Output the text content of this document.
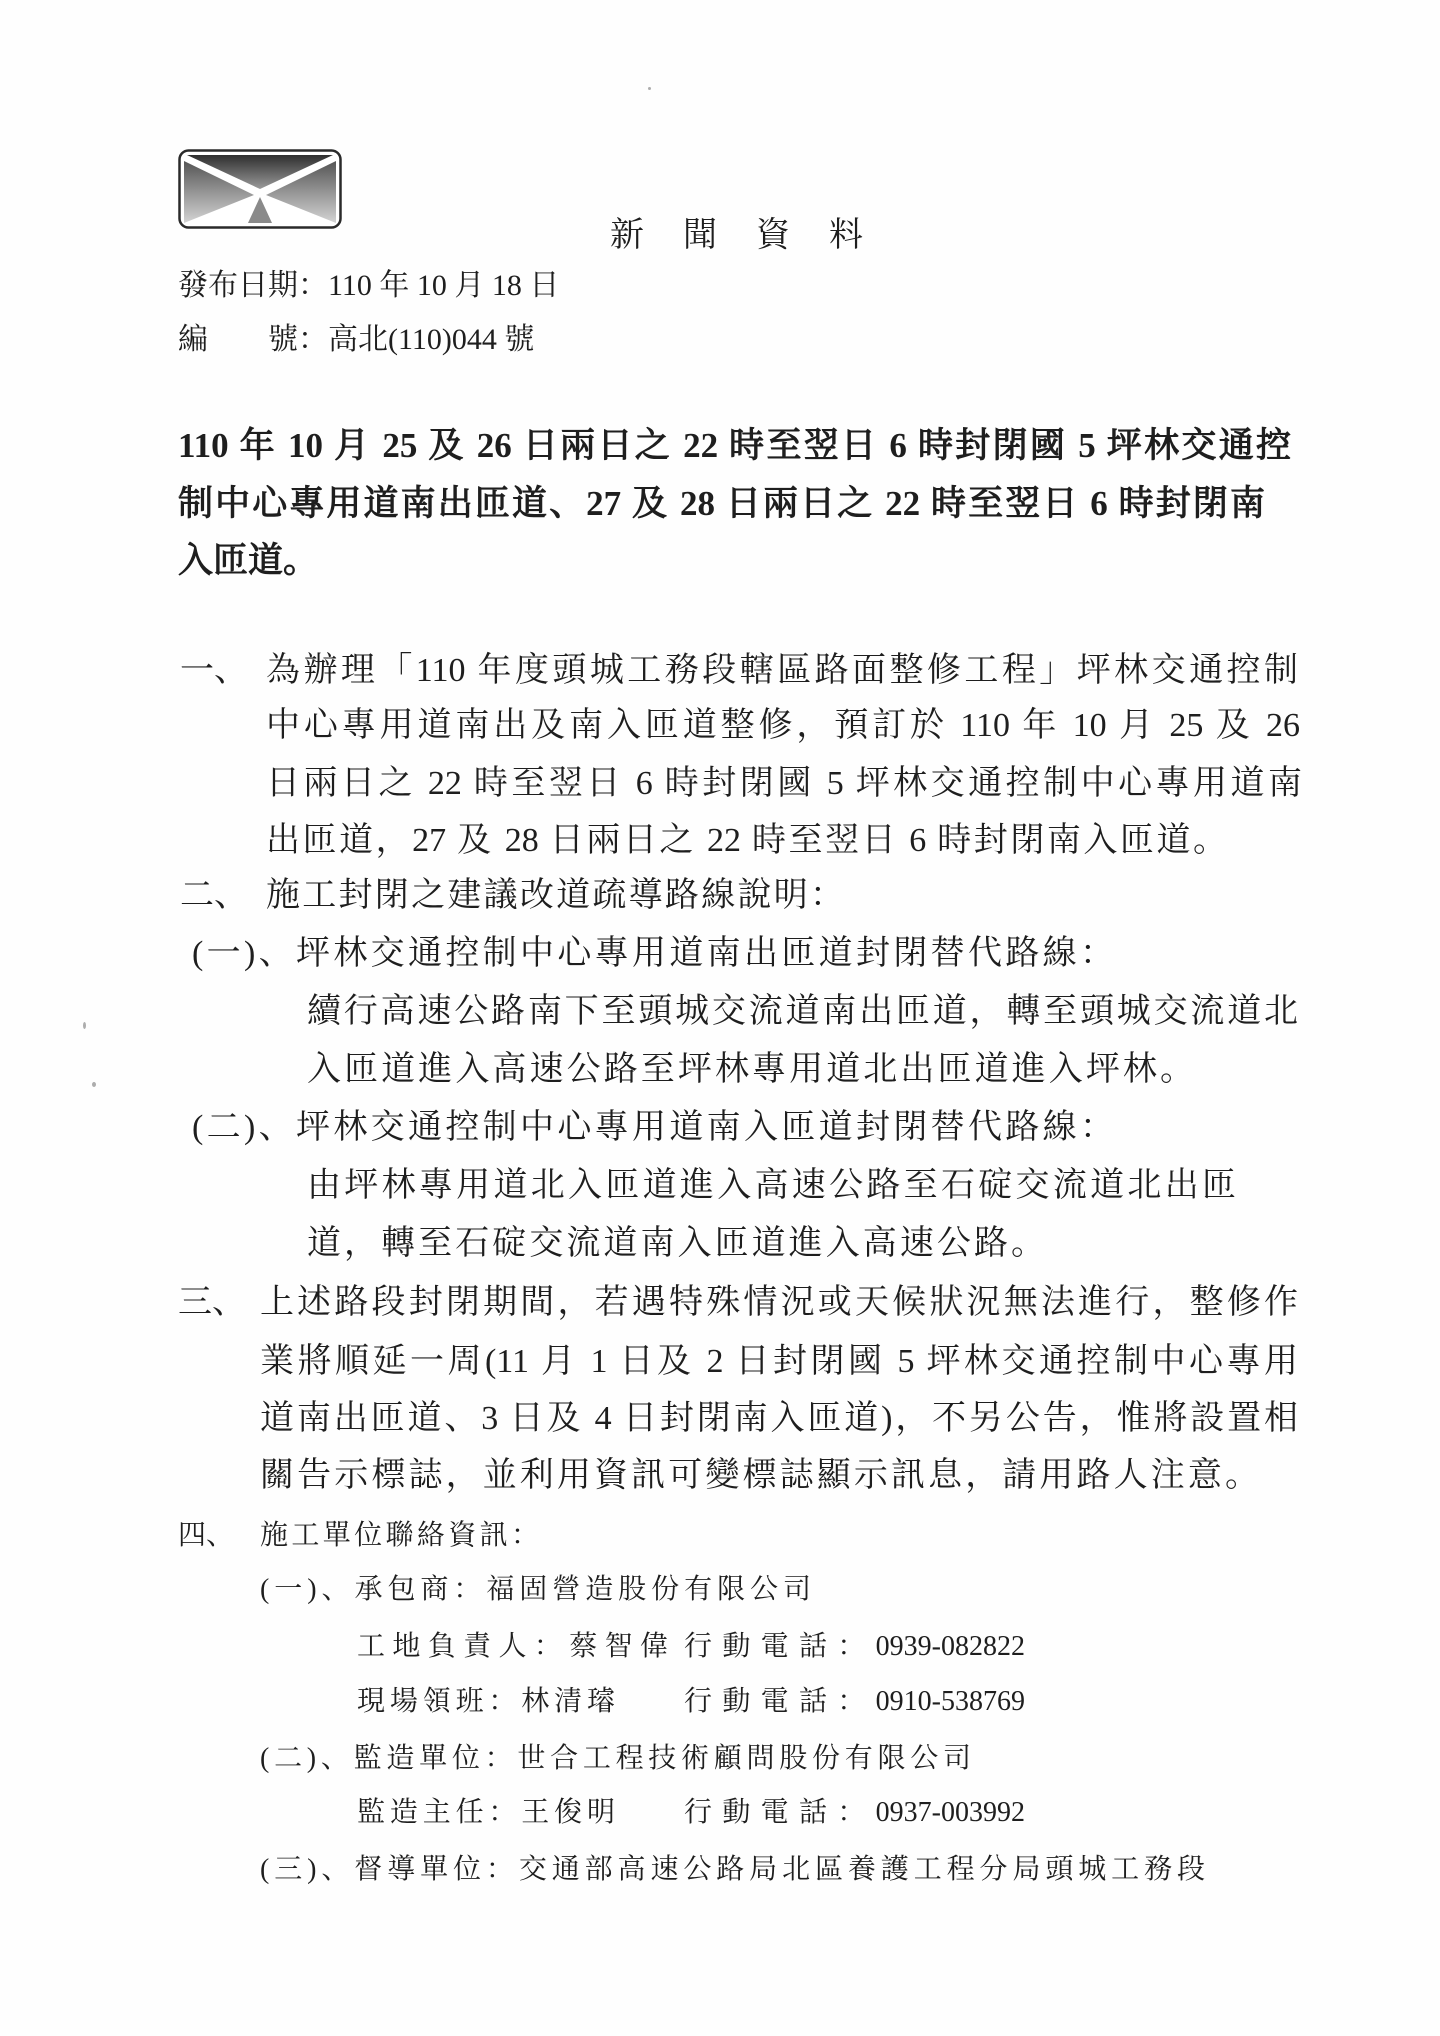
新 聞 資 料
發布日期：110 年 10 月 18 日
編　　號：高北(110)044 號
110 年 10 月 25 及 26 日兩日之 22 時至翌日 6 時封閉國 5 坪林交通控
制中心專用道南出匝道、27 及 28 日兩日之 22 時至翌日 6 時封閉南
入匝道。
一、 為辦理「110 年度頭城工務段轄區路面整修工程」坪林交通控制
中心專用道南出及南入匝道整修，預訂於 110 年 10 月 25 及 26
日兩日之 22 時至翌日 6 時封閉國 5 坪林交通控制中心專用道南
出匝道，27 及 28 日兩日之 22 時至翌日 6 時封閉南入匝道。
二、 施工封閉之建議改道疏導路線說明：
(一)、坪林交通控制中心專用道南出匝道封閉替代路線：
續行高速公路南下至頭城交流道南出匝道，轉至頭城交流道北
入匝道進入高速公路至坪林專用道北出匝道進入坪林。
(二)、坪林交通控制中心專用道南入匝道封閉替代路線：
由坪林專用道北入匝道進入高速公路至石碇交流道北出匝
道，轉至石碇交流道南入匝道進入高速公路。
三、 上述路段封閉期間，若遇特殊情況或天候狀況無法進行，整修作
業將順延一周(11 月 1 日及 2 日封閉國 5 坪林交通控制中心專用
道南出匝道、3 日及 4 日封閉南入匝道)，不另公告，惟將設置相
關告示標誌，並利用資訊可變標誌顯示訊息，請用路人注意。
四、 施工單位聯絡資訊：
(一)、承包商：福固營造股份有限公司
工地負責人：蔡智偉 行動電話：0939-082822
現場領班：林清璿 行動電話：0910-538769
(二)、監造單位：世合工程技術顧問股份有限公司
監造主任：王俊明 行動電話：0937-003992
(三)、督導單位：交通部高速公路局北區養護工程分局頭城工務段
